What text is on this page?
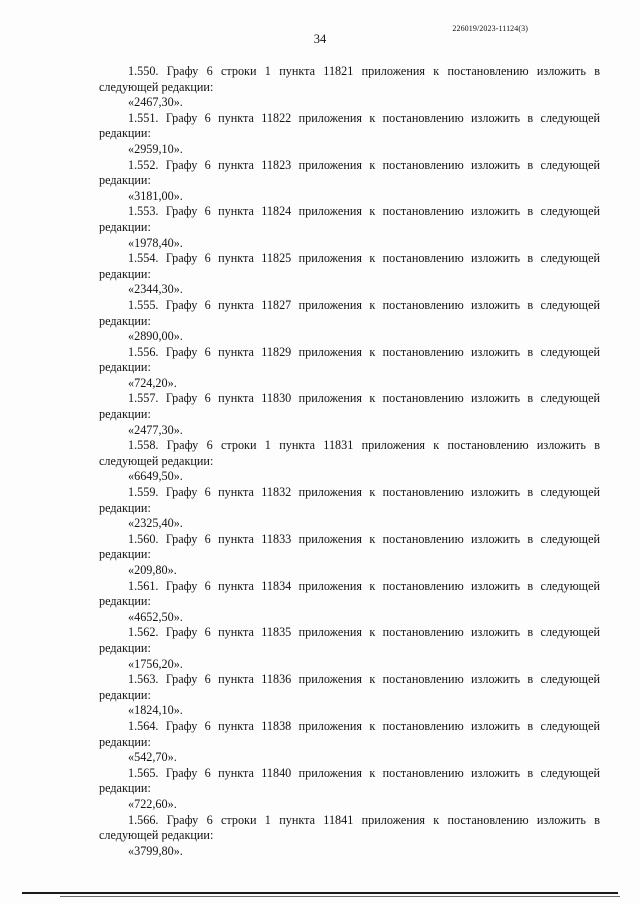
226019/2023-11124(3)
34

1.550. Графу 6 строки 1 пункта 11821 приложения к постановлению изложить в следующей редакции:

«2467,30».

1.551. Графу 6 пункта 11822 приложения к постановлению изложить в следующей редакции:

«2959,10».

1.552. Графу 6 пункта 11823 приложения к постановлению изложить в следующей редакции:

«3181,00».

1.553. Графу 6 пункта 11824 приложения к постановлению изложить в следующей редакции:

«1978,40».

1.554. Графу 6 пункта 11825 приложения к постановлению изложить в следующей редакции:

«2344,30».

1.555. Графу 6 пункта 11827 приложения к постановлению изложить в следующей редакции:

«2890,00».

1.556. Графу 6 пункта 11829 приложения к постановлению изложить в следующей редакции:

«724,20».

1.557. Графу 6 пункта 11830 приложения к постановлению изложить в следующей редакции:

«2477,30».

1.558. Графу 6 строки 1 пункта 11831 приложения к постановлению изложить в следующей редакции:

«6649,50».

1.559. Графу 6 пункта 11832 приложения к постановлению изложить в следующей редакции:

«2325,40».

1.560. Графу 6 пункта 11833 приложения к постановлению изложить в следующей редакции:

«209,80».

1.561. Графу 6 пункта 11834 приложения к постановлению изложить в следующей редакции:

«4652,50».

1.562. Графу 6 пункта 11835 приложения к постановлению изложить в следующей редакции:

«1756,20».

1.563. Графу 6 пункта 11836 приложения к постановлению изложить в следующей редакции:

«1824,10».

1.564. Графу 6 пункта 11838 приложения к постановлению изложить в следующей редакции:

«542,70».

1.565. Графу 6 пункта 11840 приложения к постановлению изложить в следующей редакции:

«722,60».

1.566. Графу 6 строки 1 пункта 11841 приложения к постановлению изложить в следующей редакции:

«3799,80».
